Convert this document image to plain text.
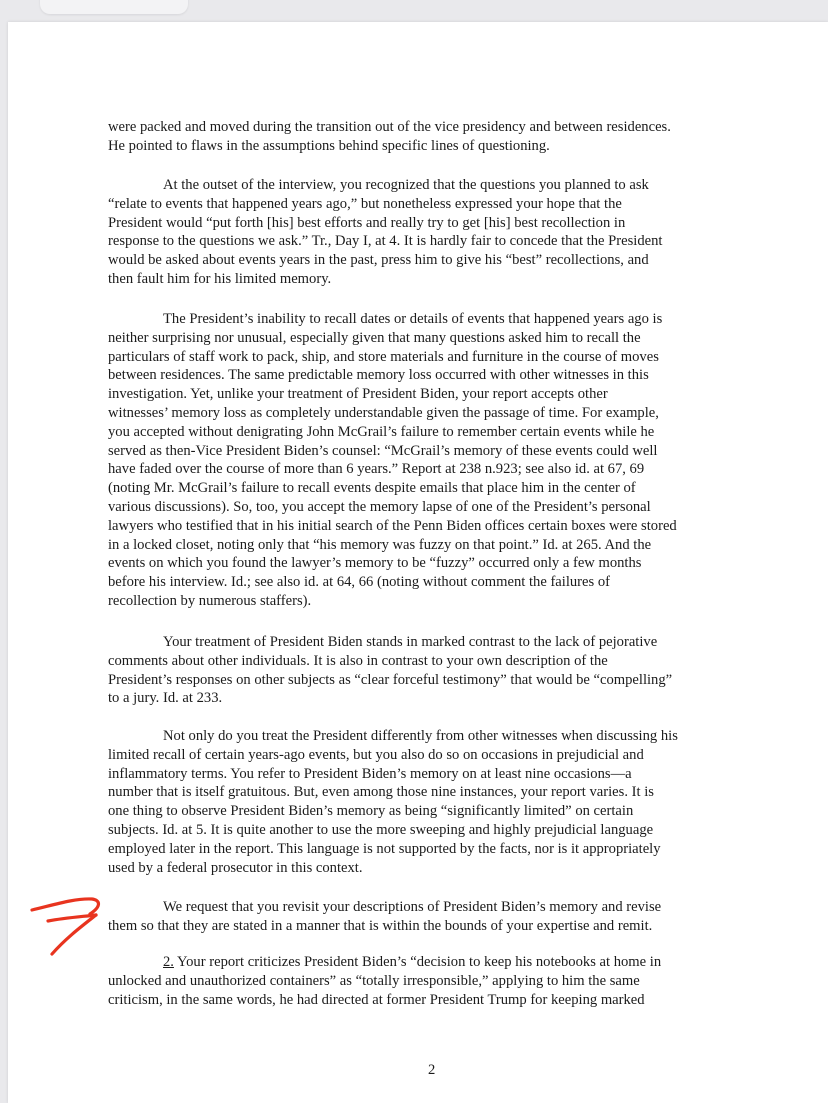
were packed and moved during the transition out of the vice presidency and between residences.
He pointed to flaws in the assumptions behind specific lines of questioning.

At the outset of the interview, you recognized that the questions you planned to ask
“relate to events that happened years ago,” but nonetheless expressed your hope that the
President would “put forth [his] best efforts and really try to get [his] best recollection in
response to the questions we ask.” Tr., Day I, at 4. It is hardly fair to concede that the President
would be asked about events years in the past, press him to give his “best” recollections, and
then fault him for his limited memory.

The President’s inability to recall dates or details of events that happened years ago is
neither surprising nor unusual, especially given that many questions asked him to recall the
particulars of staff work to pack, ship, and store materials and furniture in the course of moves
between residences. The same predictable memory loss occurred with other witnesses in this
investigation. Yet, unlike your treatment of President Biden, your report accepts other
witnesses’ memory loss as completely understandable given the passage of time. For example,
you accepted without denigrating John McGrail’s failure to remember certain events while he
served as then-Vice President Biden’s counsel: “McGrail’s memory of these events could well
have faded over the course of more than 6 years.” Report at 238 n.923; see also id. at 67, 69
(noting Mr. McGrail’s failure to recall events despite emails that place him in the center of
various discussions). So, too, you accept the memory lapse of one of the President’s personal
lawyers who testified that in his initial search of the Penn Biden offices certain boxes were stored
in a locked closet, noting only that “his memory was fuzzy on that point.” Id. at 265. And the
events on which you found the lawyer’s memory to be “fuzzy” occurred only a few months
before his interview. Id.; see also id. at 64, 66 (noting without comment the failures of
recollection by numerous staffers).

Your treatment of President Biden stands in marked contrast to the lack of pejorative
comments about other individuals. It is also in contrast to your own description of the
President’s responses on other subjects as “clear forceful testimony” that would be “compelling”
to a jury. Id. at 233.

Not only do you treat the President differently from other witnesses when discussing his
limited recall of certain years-ago events, but you also do so on occasions in prejudicial and
inflammatory terms. You refer to President Biden’s memory on at least nine occasions—a
number that is itself gratuitous. But, even among those nine instances, your report varies. It is
one thing to observe President Biden’s memory as being “significantly limited” on certain
subjects. Id. at 5. It is quite another to use the more sweeping and highly prejudicial language
employed later in the report. This language is not supported by the facts, nor is it appropriately
used by a federal prosecutor in this context.

We request that you revisit your descriptions of President Biden’s memory and revise
them so that they are stated in a manner that is within the bounds of your expertise and remit.

2. Your report criticizes President Biden’s “decision to keep his notebooks at home in
unlocked and unauthorized containers” as “totally irresponsible,” applying to him the same
criticism, in the same words, he had directed at former President Trump for keeping marked

2
